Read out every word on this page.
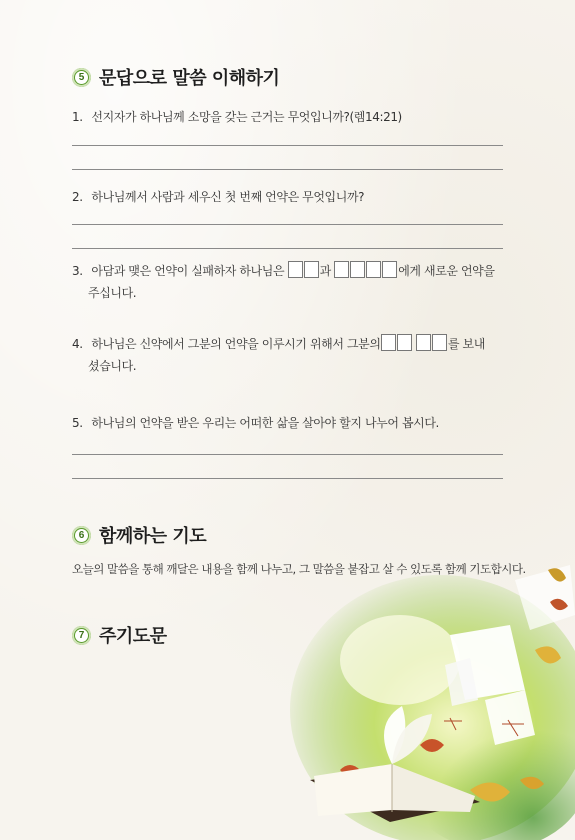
5 문답으로 말씀 이해하기
1. 선지자가 하나님께 소망을 갖는 근거는 무엇입니까?(렘14:21)
2. 하나님께서 사람과 세우신 첫 번째 언약은 무엇입니까?
3. 아담과 맺은 언약이 실패하자 하나님은	과	에게 새로운 언약을
주십니다.
4. 하나님은 신약에서 그분의 언약을 이루시기 위해서 그분의	를 보내
셨습니다.
5. 하나님의 언약을 받은 우리는 어떠한 삶을 살아야 할지 나누어 봅시다.
6 함께하는 기도
오늘의 말씀을 통해 깨달은 내용을 함께 나누고, 그 말씀을 붙잡고 살 수 있도록 함께 기도합시다.
7 주기도문
